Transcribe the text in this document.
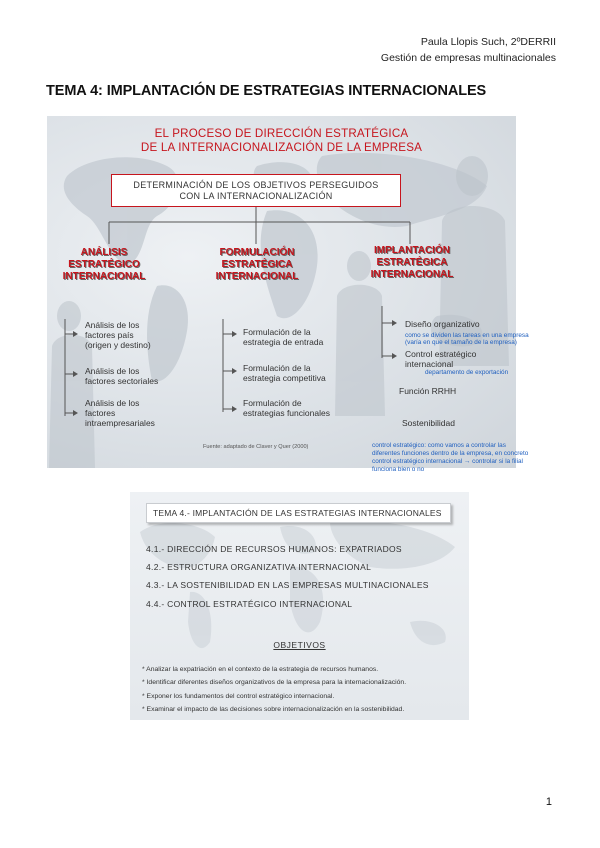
Paula Llopis Such, 2ºDERRII
Gestión de empresas multinacionales
TEMA 4: IMPLANTACIÓN DE ESTRATEGIAS INTERNACIONALES
EL PROCESO DE DIRECCIÓN ESTRATÉGICA
DE LA INTERNACIONALIZACIÓN DE LA EMPRESA
DETERMINACIÓN DE LOS OBJETIVOS PERSEGUIDOS
CON LA INTERNACIONALIZACIÓN
ANÁLISIS
ESTRATÉGICO
INTERNACIONAL
FORMULACIÓN
ESTRATÉGICA
INTERNACIONAL
IMPLANTACIÓN
ESTRATÉGICA
INTERNACIONAL
Análisis de los factores país (origen y destino)
Análisis de los factores sectoriales
Análisis de los factores intraempresariales
Formulación de la estrategia de entrada
Formulación de la estrategia competitiva
Formulación de estrategias funcionales
Diseño organizativo
como se dividen las tareas en una empresa
(varía en que el tamaño de la empresa)
Control estratégico internacional
departamento de exportación
Función RRHH
Sostenibilidad
Fuente: adaptado de Claver y Quer (2000)	control estratégico: como vamos a controlar las
diferentes funciones dentro de la empresa, en concreto
control estratégico internacional → controlar si la filial
funciona bien o no
TEMA 4.- IMPLANTACIÓN DE LAS ESTRATEGIAS INTERNACIONALES
4.1.- DIRECCIÓN DE RECURSOS HUMANOS: EXPATRIADOS
4.2.- ESTRUCTURA ORGANIZATIVA INTERNACIONAL
4.3.- LA SOSTENIBILIDAD EN LAS EMPRESAS MULTINACIONALES
4.4.- CONTROL ESTRATÉGICO INTERNACIONAL
OBJETIVOS
* Analizar la expatriación en el contexto de la estrategia de recursos humanos.
* Identificar diferentes diseños organizativos de la empresa para la internacionalización.
* Exponer los fundamentos del control estratégico internacional.
* Examinar el impacto de las decisiones sobre internacionalización en la sostenibilidad.
1
